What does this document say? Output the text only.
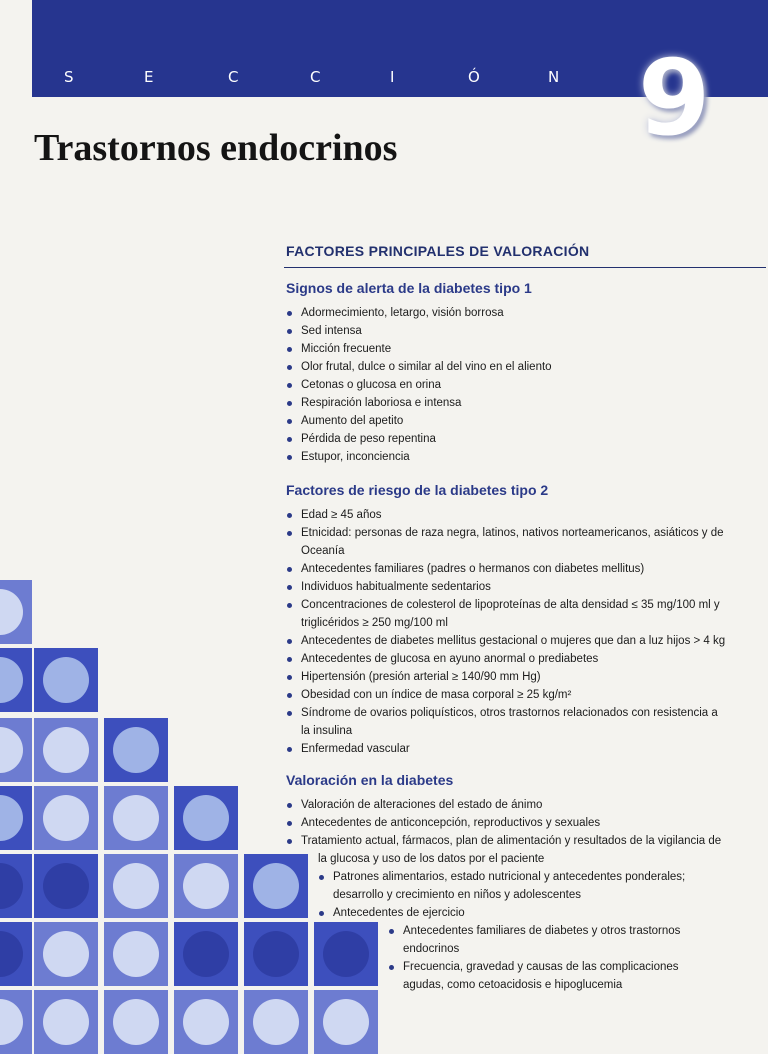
S	E	C	C	I	Ó	N 9
Trastornos endocrinos
FACTORES PRINCIPALES DE VALORACIÓN
Signos de alerta de la diabetes tipo 1
Adormecimiento, letargo, visión borrosa
Sed intensa
Micción frecuente
Olor frutal, dulce o similar al del vino en el aliento
Cetonas o glucosa en orina
Respiración laboriosa e intensa
Aumento del apetito
Pérdida de peso repentina
Estupor, inconciencia
Factores de riesgo de la diabetes tipo 2
Edad ≥ 45 años
Etnicidad: personas de raza negra, latinos, nativos norteamericanos, asiáticos y de Oceanía
Antecedentes familiares (padres o hermanos con diabetes mellitus)
Individuos habitualmente sedentarios
Concentraciones de colesterol de lipoproteínas de alta densidad ≤ 35 mg/100 ml y triglicéridos ≥ 250 mg/100 ml
Antecedentes de diabetes mellitus gestacional o mujeres que dan a luz hijos > 4 kg
Antecedentes de glucosa en ayuno anormal o prediabetes
Hipertensión (presión arterial ≥ 140/90 mm Hg)
Obesidad con un índice de masa corporal ≥ 25 kg/m²
Síndrome de ovarios poliquísticos, otros trastornos relacionados con resistencia a la insulina
Enfermedad vascular
Valoración en la diabetes
Valoración de alteraciones del estado de ánimo
Antecedentes de anticoncepción, reproductivos y sexuales
Tratamiento actual, fármacos, plan de alimentación y resultados de la vigilancia de
la glucosa y uso de los datos por el paciente
Patrones alimentarios, estado nutricional y antecedentes ponderales; desarrollo y crecimiento en niños y adolescentes
Antecedentes de ejercicio
Antecedentes familiares de diabetes y otros trastornos endocrinos
Frecuencia, gravedad y causas de las complicaciones agudas, como cetoacidosis e hipoglucemia
